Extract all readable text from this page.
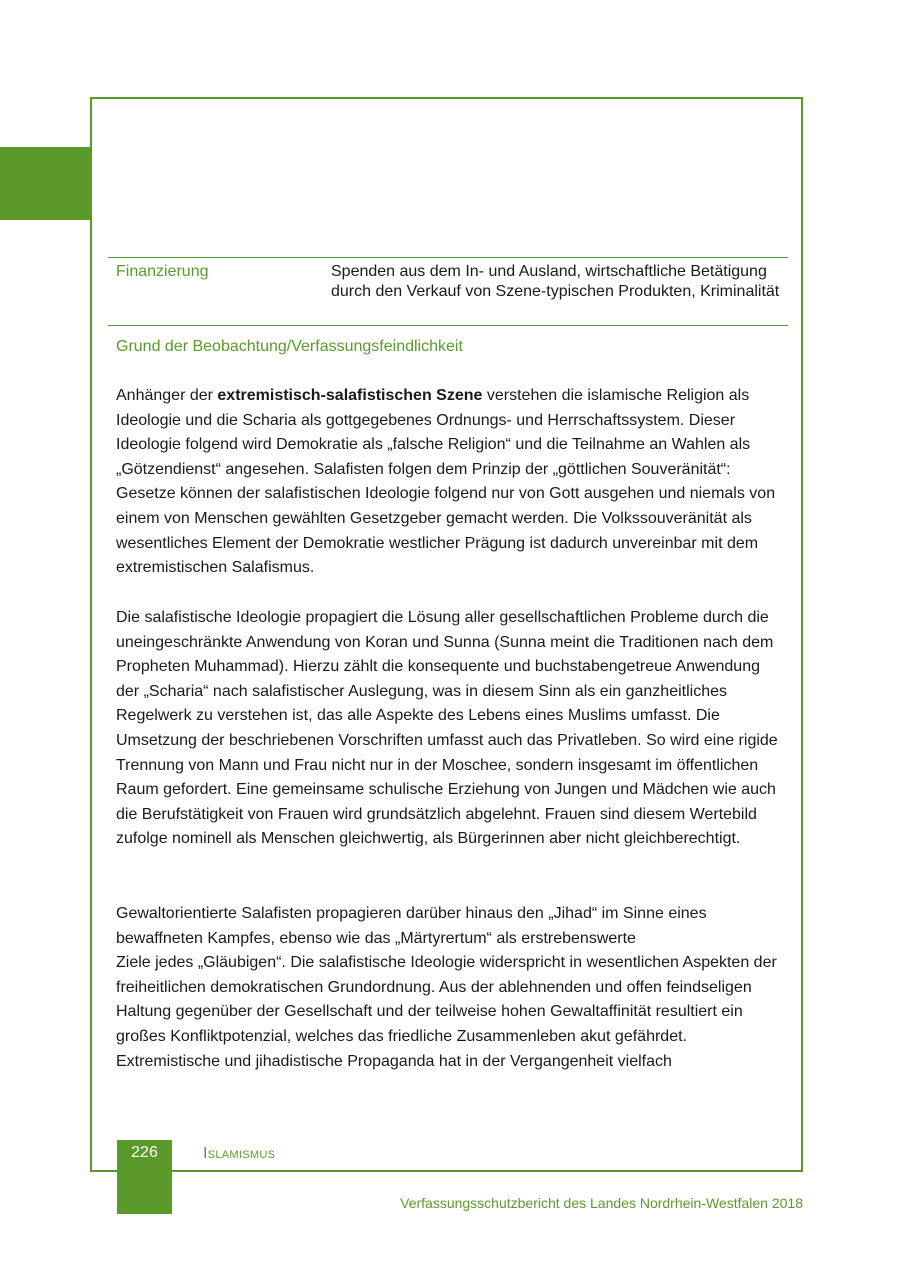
Finanzierung	Spenden aus dem In- und Ausland, wirtschaftliche Betätigung durch den Verkauf von Szene-typischen Produkten, Kriminalität
Grund der Beobachtung/Verfassungsfeindlichkeit

Anhänger der extremistisch-salafistischen Szene verstehen die islamische Religion als Ideologie und die Scharia als gottgegebenes Ordnungs- und Herrschaftssystem. Dieser Ideologie folgend wird Demokratie als „falsche Religion“ und die Teilnahme an Wahlen als „Götzendienst“ angesehen. Salafisten folgen dem Prinzip der „göttlichen Souveränität“: Gesetze können der salafistischen Ideologie folgend nur von Gott ausgehen und niemals von einem von Menschen gewählten Gesetzgeber gemacht werden. Die Volkssouveränität als wesentliches Element der Demokratie westlicher Prägung ist dadurch unvereinbar mit dem extremistischen Salafismus.

Die salafistische Ideologie propagiert die Lösung aller gesellschaftlichen Probleme durch die uneingeschränkte Anwendung von Koran und Sunna (Sunna meint die Traditionen nach dem Propheten Muhammad). Hierzu zählt die konsequente und buchstabengetreue Anwendung der „Scharia“ nach salafistischer Auslegung, was in diesem Sinn als ein ganzheitliches Regelwerk zu verstehen ist, das alle Aspekte des Lebens eines Muslims umfasst. Die Umsetzung der beschriebenen Vorschriften umfasst auch das Privatleben. So wird eine rigide Trennung von Mann und Frau nicht nur in der Moschee, sondern insgesamt im öffentlichen Raum gefordert. Eine gemeinsame schulische Erziehung von Jungen und Mädchen wie auch die Berufstätigkeit von Frauen wird grundsätzlich abgelehnt. Frauen sind diesem Wertebild zufolge nominell als Menschen gleichwertig, als Bürgerinnen aber nicht gleichberechtigt.

Gewaltorientierte Salafisten propagieren darüber hinaus den „Jihad“ im Sinne eines bewaffneten Kampfes, ebenso wie das „Märtyrertum“ als erstrebenswerte
Ziele jedes „Gläubigen“. Die salafistische Ideologie widerspricht in wesentlichen Aspekten der freiheitlichen demokratischen Grundordnung. Aus der ablehnenden und offen feindseligen Haltung gegenüber der Gesellschaft und der teilweise hohen Gewaltaffinität resultiert ein großes Konfliktpotenzial, welches das friedliche Zusammenleben akut gefährdet.
Extremistische und jihadistische Propaganda hat in der Vergangenheit vielfach

226	Islamismus
Verfassungsschutzbericht des Landes Nordrhein-Westfalen 2018
